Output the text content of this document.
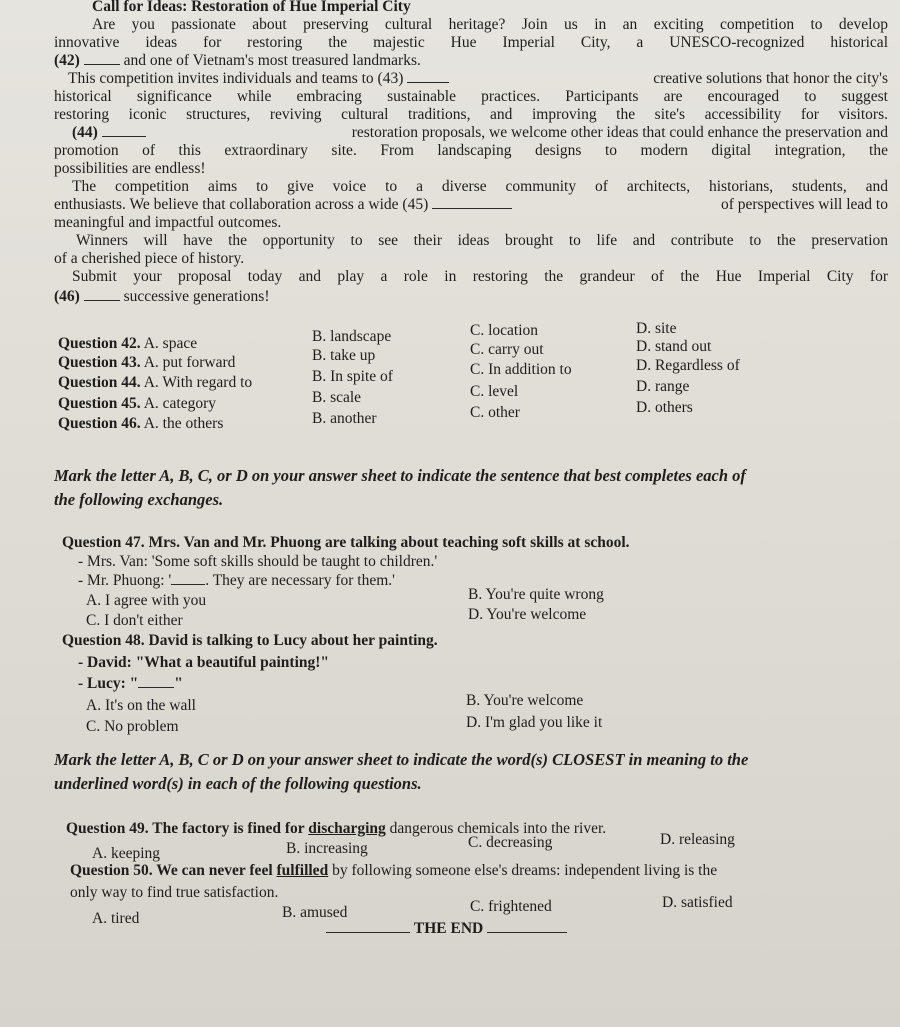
Call for Ideas: Restoration of Hue Imperial City
Are you passionate about preserving cultural heritage? Join us in an exciting competition to develop
innovative ideas for restoring the majestic Hue Imperial City, a UNESCO-recognized historical
(42)	and one of Vietnam's most treasured landmarks.
This competition invites individuals and teams to (43)	creative solutions that honor the city's
historical significance while embracing sustainable practices. Participants are encouraged to suggest
restoring iconic structures, reviving cultural traditions, and improving the site's accessibility for visitors.
(44)	restoration proposals, we welcome other ideas that could enhance the preservation and
promotion of this extraordinary site. From landscaping designs to modern digital integration, the
possibilities are endless!
The competition aims to give voice to a diverse community of architects, historians, students, and
enthusiasts. We believe that collaboration across a wide (45)	of perspectives will lead to
meaningful and impactful outcomes.
Winners will have the opportunity to see their ideas brought to life and contribute to the preservation
of a cherished piece of history.
Submit your proposal today and play a role in restoring the grandeur of the Hue Imperial City for
(46)	successive generations!
Question 42. A. space	B. landscape	C. location	D. site
Question 43. A. put forward	B. take up	C. carry out	D. stand out
Question 44. A. With regard to	B. In spite of	C. In addition to	D. Regardless of
Question 45. A. category	B. scale	C. level	D. range
Question 46. A. the others	B. another	C. other	D. others
Mark the letter A, B, C, or D on your answer sheet to indicate the sentence that best completes each of
the following exchanges.
Question 47. Mrs. Van and Mr. Phuong are talking about teaching soft skills at school.
- Mrs. Van: 'Some soft skills should be taught to children.'
- Mr. Phuong: ' . They are necessary for them.'
A. I agree with you	B. You're quite wrong
C. I don't either	D. You're welcome
Question 48. David is talking to Lucy about her painting.
- David: "What a beautiful painting!"
- Lucy: " "
A. It's on the wall	B. You're welcome
C. No problem	D. I'm glad you like it
Mark the letter A, B, C or D on your answer sheet to indicate the word(s) CLOSEST in meaning to the
underlined word(s) in each of the following questions.
Question 49. The factory is fined for discharging dangerous chemicals into the river.
A. keeping	B. increasing	C. decreasing	D. releasing
Question 50. We can never feel fulfilled by following someone else's dreams: independent living is the
only way to find true satisfaction.
A. tired	B. amused	C. frightened	D. satisfied
THE END
